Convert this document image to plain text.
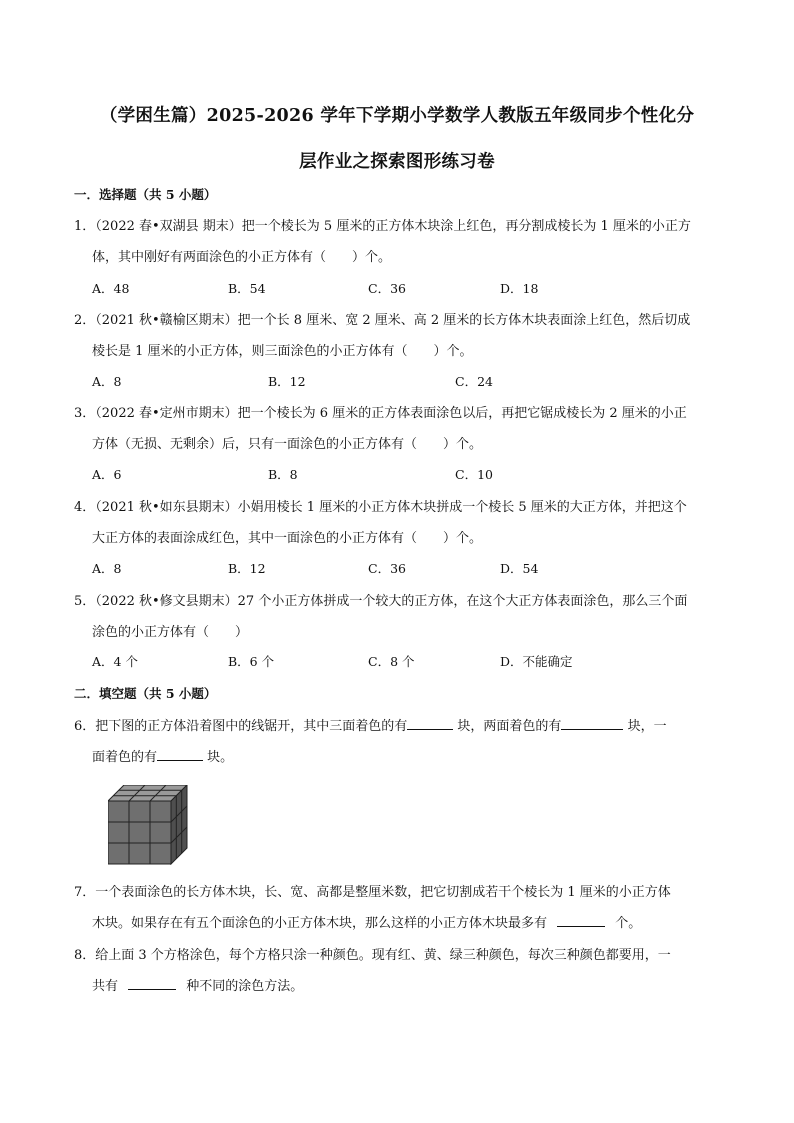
（学困生篇）2025-2026 学年下学期小学数学人教版五年级同步个性化分
层作业之探索图形练习卷
一．选择题（共 5 小题）
1．（2022 春•双湖县 期末）把一个棱长为 5 厘米的正方体木块涂上红色，再分割成棱长为 1 厘米的小正方
体，其中刚好有两面涂色的小正方体有（　　）个。
A．48	B．54	C．36	D．18
2．（2021 秋•赣榆区期末）把一个长 8 厘米、宽 2 厘米、高 2 厘米的长方体木块表面涂上红色，然后切成
棱长是 1 厘米的小正方体，则三面涂色的小正方体有（　　）个。
A．8	B．12	C．24
3．（2022 春•定州市期末）把一个棱长为 6 厘米的正方体表面涂色以后，再把它锯成棱长为 2 厘米的小正
方体（无损、无剩余）后，只有一面涂色的小正方体有（　　）个。
A．6	B．8	C．10
4．（2021 秋•如东县期末）小娟用棱长 1 厘米的小正方体木块拼成一个棱长 5 厘米的大正方体，并把这个
大正方体的表面涂成红色，其中一面涂色的小正方体有（　　）个。
A．8	B．12	C．36	D．54
5．（2022 秋•修文县期末）27 个小正方体拼成一个较大的正方体，在这个大正方体表面涂色，那么三个面
涂色的小正方体有（　　）
A．4 个	B．6 个	C．8 个	D．不能确定
二．填空题（共 5 小题）
6．把下图的正方体沿着图中的线锯开，其中三面着色的有	块，两面着色的有	块，一
面着色的有	块。
7．一个表面涂色的长方体木块，长、宽、高都是整厘米数，把它切割成若干个棱长为 1 厘米的小正方体
木块。如果存在有五个面涂色的小正方体木块，那么这样的小正方体木块最多有	个。
8．给上面 3 个方格涂色，每个方格只涂一种颜色。现有红、黄、绿三种颜色，每次三种颜色都要用，一
共有	种不同的涂色方法。
